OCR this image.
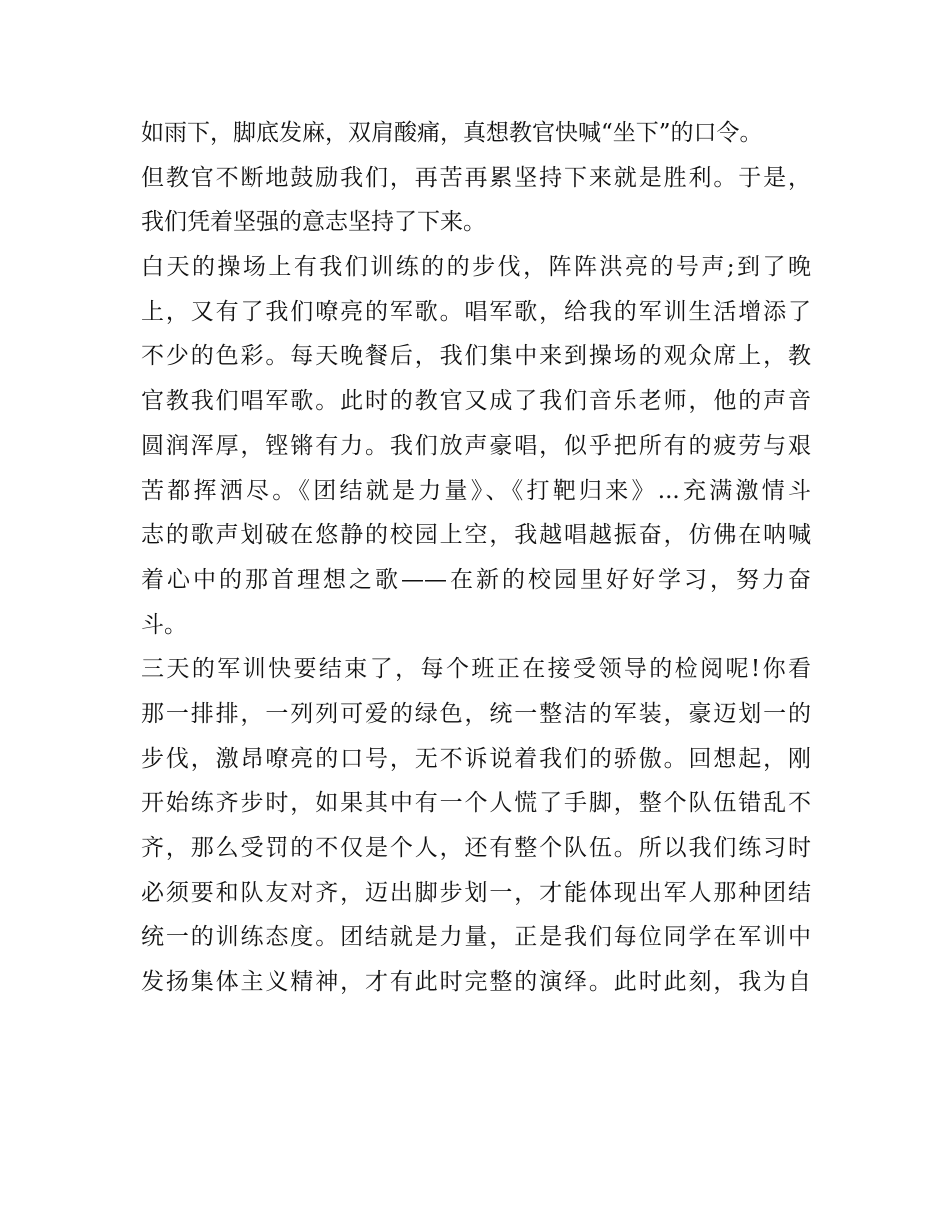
如雨下，脚底发麻，双肩酸痛，真想教官快喊“坐下”的口令。
但教官不断地鼓励我们，再苦再累坚持下来就是胜利。于是，
我们凭着坚强的意志坚持了下来。
白天的操场上有我们训练的的步伐，阵阵洪亮的号声;到了晚
上，又有了我们嘹亮的军歌。唱军歌，给我的军训生活增添了
不少的色彩。每天晚餐后，我们集中来到操场的观众席上，教
官教我们唱军歌。此时的教官又成了我们音乐老师，他的声音
圆润浑厚，铿锵有力。我们放声豪唱，似乎把所有的疲劳与艰
苦都挥洒尽。《团结就是力量》、《打靶归来》...充满激情斗
志的歌声划破在悠静的校园上空，我越唱越振奋，仿佛在呐喊
着心中的那首理想之歌——在新的校园里好好学习，努力奋
斗。
三天的军训快要结束了，每个班正在接受领导的检阅呢!你看
那一排排，一列列可爱的绿色，统一整洁的军装，豪迈划一的
步伐，激昂嘹亮的口号，无不诉说着我们的骄傲。回想起，刚
开始练齐步时，如果其中有一个人慌了手脚，整个队伍错乱不
齐，那么受罚的不仅是个人，还有整个队伍。所以我们练习时
必须要和队友对齐，迈出脚步划一，才能体现出军人那种团结
统一的训练态度。团结就是力量，正是我们每位同学在军训中
发扬集体主义精神，才有此时完整的演绎。此时此刻，我为自
